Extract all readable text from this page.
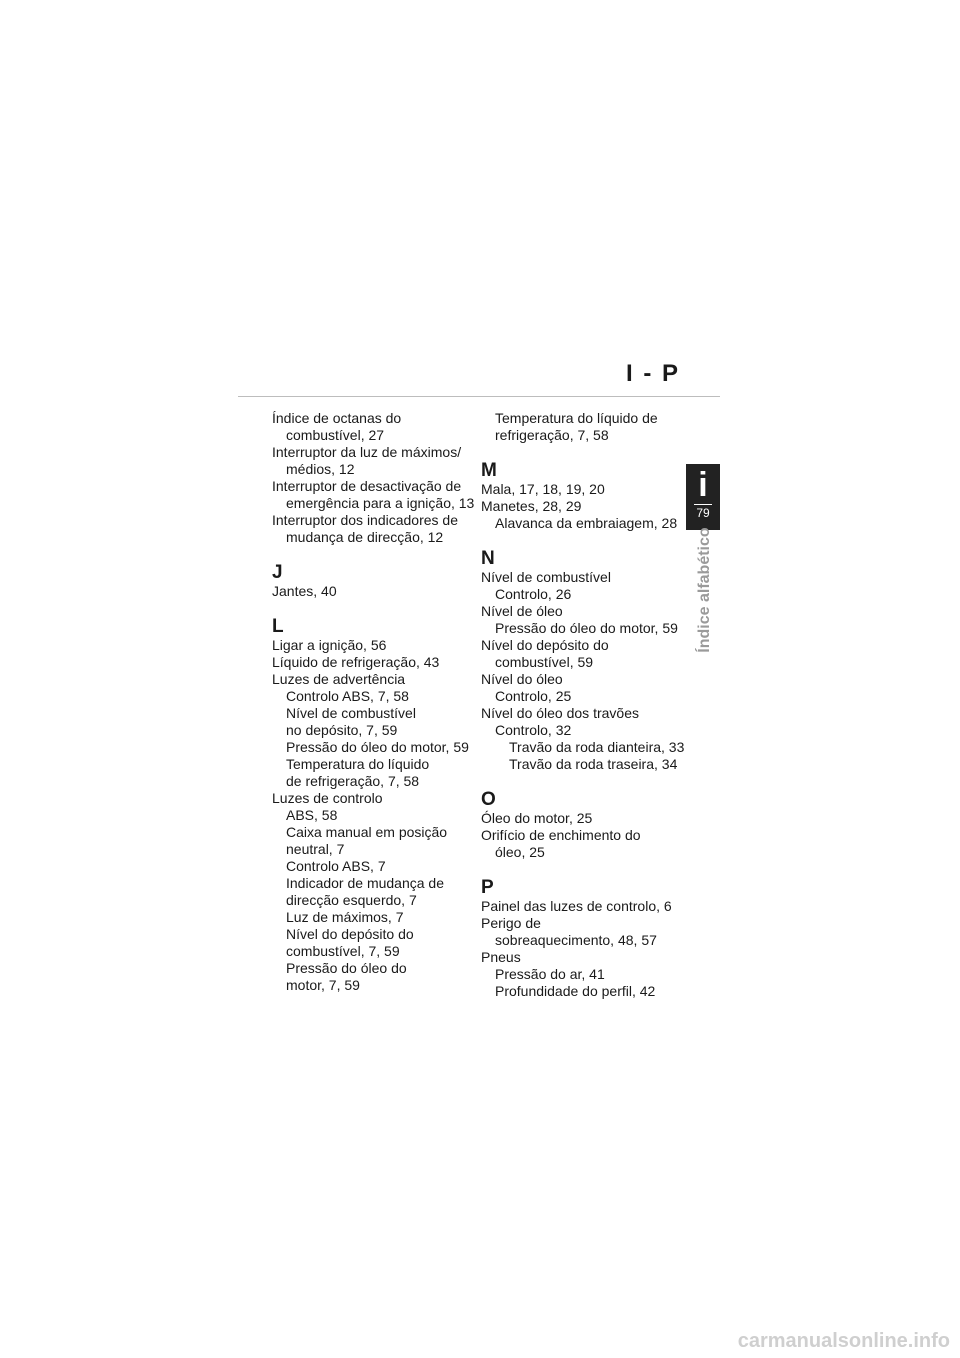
I - P
Índice de octanas do
combustível, 27
Interruptor da luz de máximos/
médios, 12
Interruptor de desactivação de
emergência para a ignição, 13
Interruptor dos indicadores de
mudança de direcção, 12
J
Jantes, 40
L
Ligar a ignição, 56
Líquido de refrigeração, 43
Luzes de advertência
Controlo ABS, 7, 58
Nível de combustível
no depósito, 7, 59
Pressão do óleo do motor, 59
Temperatura do líquido
de refrigeração, 7, 58
Luzes de controlo
ABS, 58
Caixa manual em posição
neutral, 7
Controlo ABS, 7
Indicador de mudança de
direcção esquerdo, 7
Luz de máximos, 7
Nível do depósito do
combustível, 7, 59
Pressão do óleo do
motor, 7, 59
Temperatura do líquido de
refrigeração, 7, 58
M
Mala, 17, 18, 19, 20
Manetes, 28, 29
Alavanca da embraiagem, 28
N
Nível de combustível
Controlo, 26
Nível de óleo
Pressão do óleo do motor, 59
Nível do depósito do
combustível, 59
Nível do óleo
Controlo, 25
Nível do óleo dos travões
Controlo, 32
Travão da roda dianteira, 33
Travão da roda traseira, 34
O
Óleo do motor, 25
Orifício de enchimento do
óleo, 25
P
Painel das luzes de controlo, 6
Perigo de
sobreaquecimento, 48, 57
Pneus
Pressão do ar, 41
Profundidade do perfil, 42
i
79
Índice alfabético
carmanualsonline.info
